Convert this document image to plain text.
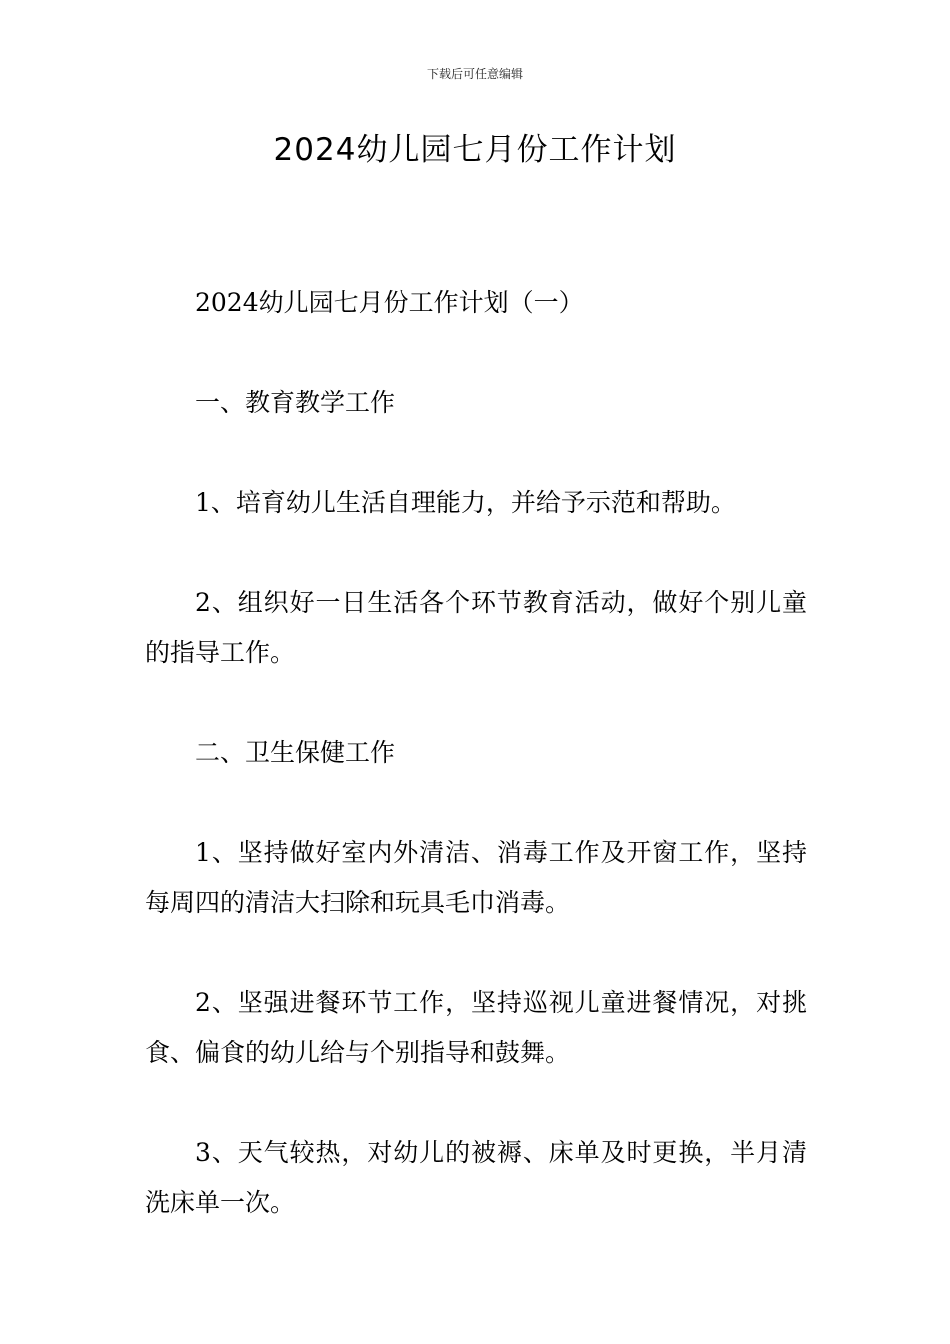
下载后可任意编辑
2024幼儿园七月份工作计划

2024幼儿园七月份工作计划（一）

一、教育教学工作

1、培育幼儿生活自理能力，并给予示范和帮助。

2、组织好一日生活各个环节教育活动，做好个别儿童的指导工作。

二、卫生保健工作

1、坚持做好室内外清洁、消毒工作及开窗工作，坚持每周四的清洁大扫除和玩具毛巾消毒。

2、坚强进餐环节工作，坚持巡视儿童进餐情况，对挑食、偏食的幼儿给与个别指导和鼓舞。

3、天气较热，对幼儿的被褥、床单及时更换，半月清洗床单一次。
